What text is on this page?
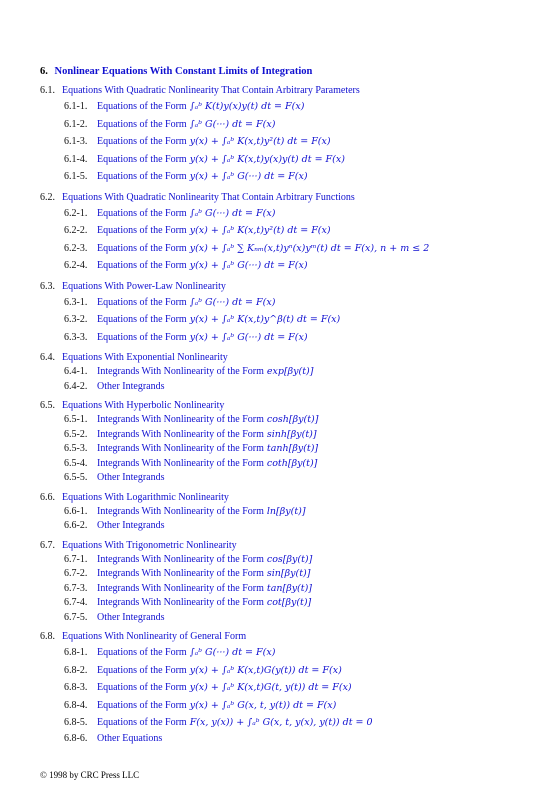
6. Nonlinear Equations With Constant Limits of Integration
6.1. Equations With Quadratic Nonlinearity That Contain Arbitrary Parameters
6.1-1. Equations of the Form ∫ₐᵇ K(t)y(x)y(t) dt = F(x)
6.1-2. Equations of the Form ∫ₐᵇ G(···) dt = F(x)
6.1-3. Equations of the Form y(x) + ∫ₐᵇ K(x,t)y²(t) dt = F(x)
6.1-4. Equations of the Form y(x) + ∫ₐᵇ K(x,t)y(x)y(t) dt = F(x)
6.1-5. Equations of the Form y(x) + ∫ₐᵇ G(···) dt = F(x)
6.2. Equations With Quadratic Nonlinearity That Contain Arbitrary Functions
6.2-1. Equations of the Form ∫ₐᵇ G(···) dt = F(x)
6.2-2. Equations of the Form y(x) + ∫ₐᵇ K(x,t)y²(t) dt = F(x)
6.2-3. Equations of the Form y(x) + ∫ₐᵇ ∑ Kₙₘ(x,t)yⁿ(x)yᵐ(t) dt = F(x), n + m ≤ 2
6.2-4. Equations of the Form y(x) + ∫ₐᵇ G(···) dt = F(x)
6.3. Equations With Power-Law Nonlinearity
6.3-1. Equations of the Form ∫ₐᵇ G(···) dt = F(x)
6.3-2. Equations of the Form y(x) + ∫ₐᵇ K(x,t)y^β(t) dt = F(x)
6.3-3. Equations of the Form y(x) + ∫ₐᵇ G(···) dt = F(x)
6.4. Equations With Exponential Nonlinearity
6.4-1. Integrands With Nonlinearity of the Form exp[βy(t)]
6.4-2. Other Integrands
6.5. Equations With Hyperbolic Nonlinearity
6.5-1. Integrands With Nonlinearity of the Form cosh[βy(t)]
6.5-2. Integrands With Nonlinearity of the Form sinh[βy(t)]
6.5-3. Integrands With Nonlinearity of the Form tanh[βy(t)]
6.5-4. Integrands With Nonlinearity of the Form coth[βy(t)]
6.5-5. Other Integrands
6.6. Equations With Logarithmic Nonlinearity
6.6-1. Integrands With Nonlinearity of the Form ln[βy(t)]
6.6-2. Other Integrands
6.7. Equations With Trigonometric Nonlinearity
6.7-1. Integrands With Nonlinearity of the Form cos[βy(t)]
6.7-2. Integrands With Nonlinearity of the Form sin[βy(t)]
6.7-3. Integrands With Nonlinearity of the Form tan[βy(t)]
6.7-4. Integrands With Nonlinearity of the Form cot[βy(t)]
6.7-5. Other Integrands
6.8. Equations With Nonlinearity of General Form
6.8-1. Equations of the Form ∫ₐᵇ G(···) dt = F(x)
6.8-2. Equations of the Form y(x) + ∫ₐᵇ K(x,t)G(y(t)) dt = F(x)
6.8-3. Equations of the Form y(x) + ∫ₐᵇ K(x,t)G(t, y(t)) dt = F(x)
6.8-4. Equations of the Form y(x) + ∫ₐᵇ G(x, t, y(t)) dt = F(x)
6.8-5. Equations of the Form F(x, y(x)) + ∫ₐᵇ G(x, t, y(x), y(t)) dt = 0
6.8-6. Other Equations
© 1998 by CRC Press LLC
